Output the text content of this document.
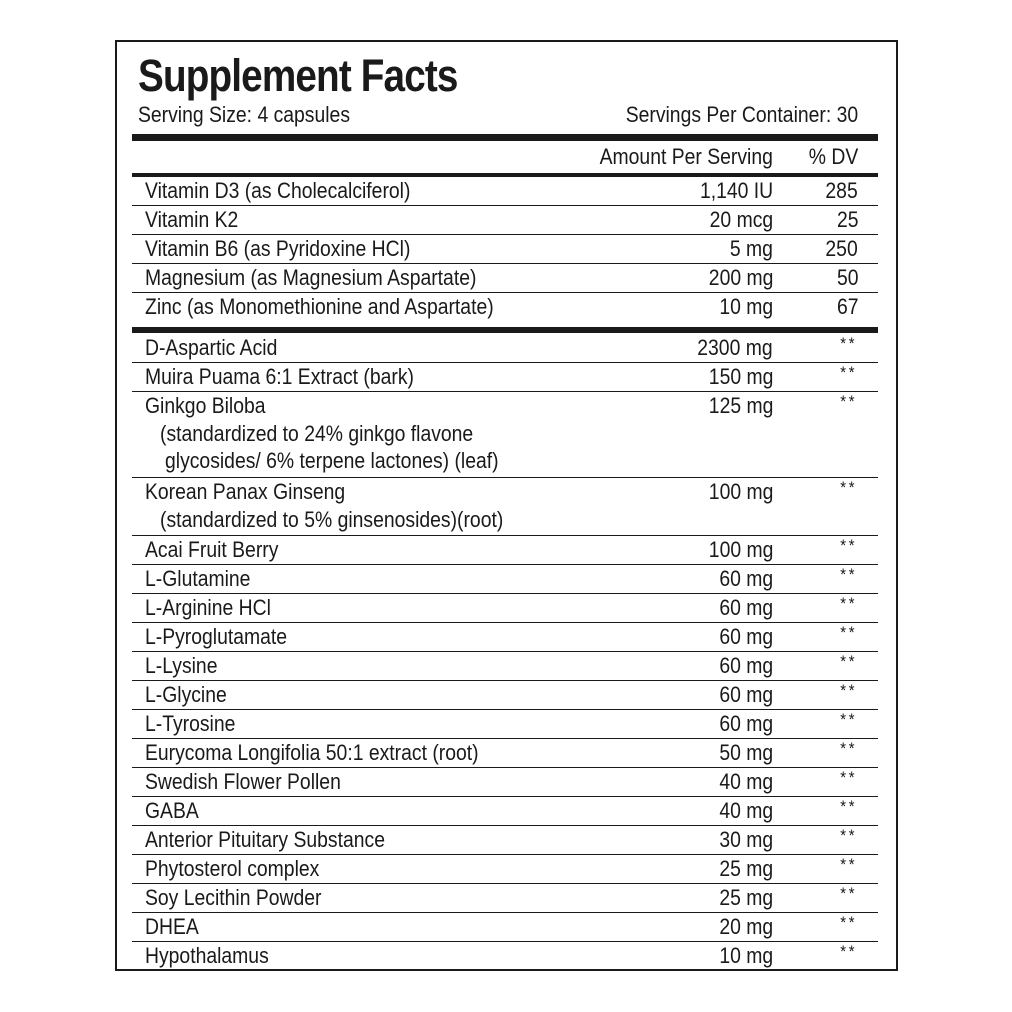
Supplement Facts
Serving Size: 4 capsules	Servings Per Container: 30
Amount Per Serving % DV
Vitamin D3 (as Cholecalciferol)	1,140 IU 285
Vitamin K2	20 mcg	25
Vitamin B6 (as Pyridoxine HCl)	5 mg 250
Magnesium (as Magnesium Aspartate)	200 mg	50
Zinc (as Monomethionine and Aspartate)	10 mg	67
D-Aspartic Acid	2300 mg	**
Muira Puama 6:1 Extract (bark)	150 mg	**
Ginkgo Biloba
(standardized to 24% ginkgo flavone
glycosides/ 6% terpene lactones) (leaf)
125 mg	**
Korean Panax Ginseng
(standardized to 5% ginsenosides)(root)
100 mg	**
Acai Fruit Berry	100 mg	**
L-Glutamine	60 mg	**
L-Arginine HCl	60 mg	**
L-Pyroglutamate	60 mg	**
L-Lysine	60 mg	**
L-Glycine	60 mg	**
L-Tyrosine	60 mg	**
Eurycoma Longifolia 50:1 extract (root)	50 mg	**
Swedish Flower Pollen	40 mg	**
GABA	40 mg	**
Anterior Pituitary Substance	30 mg	**
Phytosterol complex	25 mg	**
Soy Lecithin Powder	25 mg	**
DHEA	20 mg	**
Hypothalamus	10 mg	**
